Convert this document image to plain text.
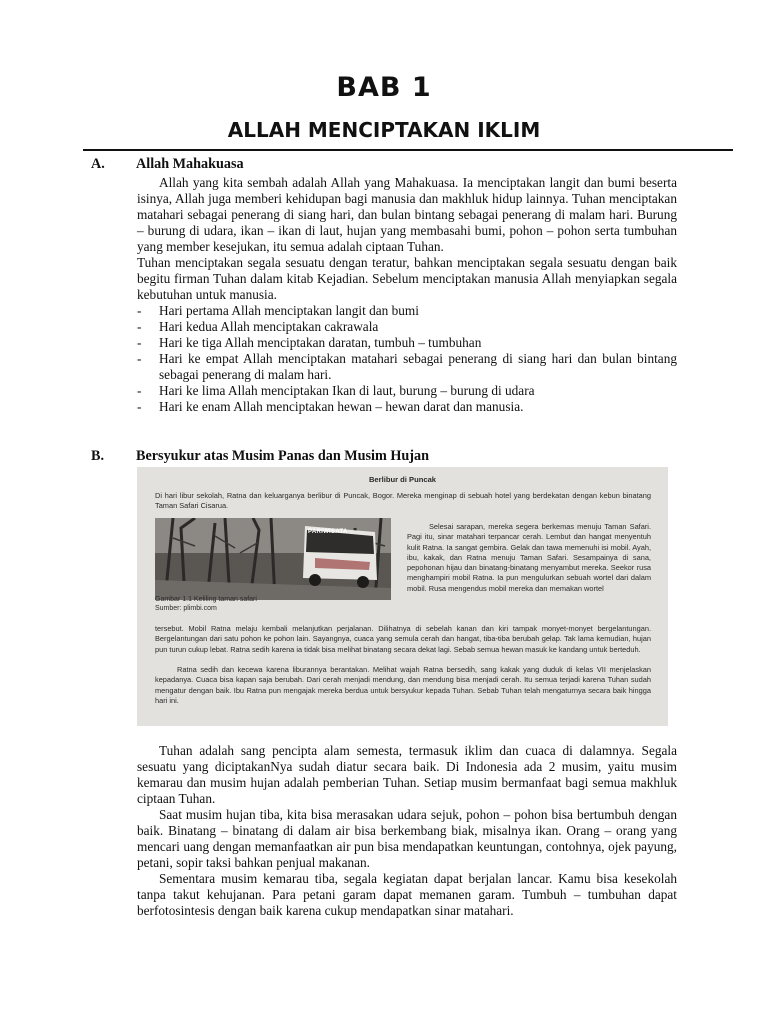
BAB 1
ALLAH MENCIPTAKAN IKLIM
A. Allah Mahakuasa

Allah yang kita sembah adalah Allah yang Mahakuasa. Ia menciptakan langit dan bumi beserta isinya, Allah juga memberi kehidupan bagi manusia dan makhluk hidup lainnya. Tuhan menciptakan matahari sebagai penerang di siang hari, dan bulan bintang sebagai penerang di malam hari. Burung – burung di udara, ikan – ikan di laut, hujan yang membasahi bumi, pohon – pohon serta tumbuhan yang member kesejukan, itu semua adalah ciptaan Tuhan.

Tuhan menciptakan segala sesuatu dengan teratur, bahkan menciptakan segala sesuatu dengan baik begitu firman Tuhan dalam kitab Kejadian. Sebelum menciptakan manusia Allah menyiapkan segala kebutuhan untuk manusia.

- Hari pertama Allah menciptakan langit dan bumi
- Hari kedua Allah menciptakan cakrawala
- Hari ke tiga Allah menciptakan daratan, tumbuh – tumbuhan
- Hari ke empat Allah menciptakan matahari sebagai penerang di siang hari dan bulan bintang sebagai penerang di malam hari.
- Hari ke lima Allah menciptakan Ikan di laut, burung – burung di udara
- Hari ke enam Allah menciptakan hewan – hewan darat dan manusia.
B. Bersyukur atas Musim Panas dan Musim Hujan
Berlibur di Puncak

Di hari libur sekolah, Ratna dan keluarganya berlibur di Puncak, Bogor. Mereka menginap di sebuah hotel yang berdekatan dengan kebun binatang Taman Safari Cisarua.

PARIWISATA

Selesai sarapan, mereka segera berkemas menuju Taman Safari. Pagi itu, sinar matahari terpancar cerah. Lembut dan hangat menyentuh kulit Ratna. Ia sangat gembira. Gelak dan tawa memenuhi isi mobil. Ayah, ibu, kakak, dan Ratna menuju Taman Safari. Sesampainya di sana, pepohonan hijau dan binatang-binatang menyambut mereka. Seekor rusa menghampiri mobil Ratna. Ia pun mengulurkan sebuah wortel dari dalam mobil. Rusa mengendus mobil mereka dan memakan wortel

Gambar 1.1 Keliling taman safari
Sumber: plimbi.com

tersebut. Mobil Ratna melaju kembali melanjutkan perjalanan. Dilihatnya di sebelah kanan dan kiri tampak monyet-monyet bergelantungan. Bergelantungan dari satu pohon ke pohon lain. Sayangnya, cuaca yang semula cerah dan hangat, tiba-tiba berubah gelap. Tak lama kemudian, hujan pun turun cukup lebat. Ratna sedih karena ia tidak bisa melihat binatang secara dekat lagi. Sebab semua hewan masuk ke kandang untuk berteduh.

Ratna sedih dan kecewa karena liburannya berantakan. Melihat wajah Ratna bersedih, sang kakak yang duduk di kelas VII menjelaskan kepadanya. Cuaca bisa kapan saja berubah. Dari cerah menjadi mendung, dan mendung bisa menjadi cerah. Itu semua terjadi karena Tuhan sudah mengatur dengan baik. Ibu Ratna pun mengajak mereka berdua untuk bersyukur kepada Tuhan. Sebab Tuhan telah mengaturnya secara baik hingga hari ini.

Tuhan adalah sang pencipta alam semesta, termasuk iklim dan cuaca di dalamnya. Segala sesuatu yang diciptakanNya sudah diatur secara baik. Di Indonesia ada 2 musim, yaitu musim kemarau dan musim hujan adalah pemberian Tuhan. Setiap musim bermanfaat bagi semua makhluk ciptaan Tuhan.

Saat musim hujan tiba, kita bisa merasakan udara sejuk, pohon – pohon bisa bertumbuh dengan baik. Binatang – binatang di dalam air bisa berkembang biak, misalnya ikan. Orang – orang yang mencari uang dengan memanfaatkan air pun bisa mendapatkan keuntungan, contohnya, ojek payung, petani, sopir taksi bahkan penjual makanan.

Sementara musim kemarau tiba, segala kegiatan dapat berjalan lancar. Kamu bisa kesekolah tanpa takut kehujanan. Para petani garam dapat memanen garam. Tumbuh – tumbuhan dapat berfotosintesis dengan baik karena cukup mendapatkan sinar matahari.
